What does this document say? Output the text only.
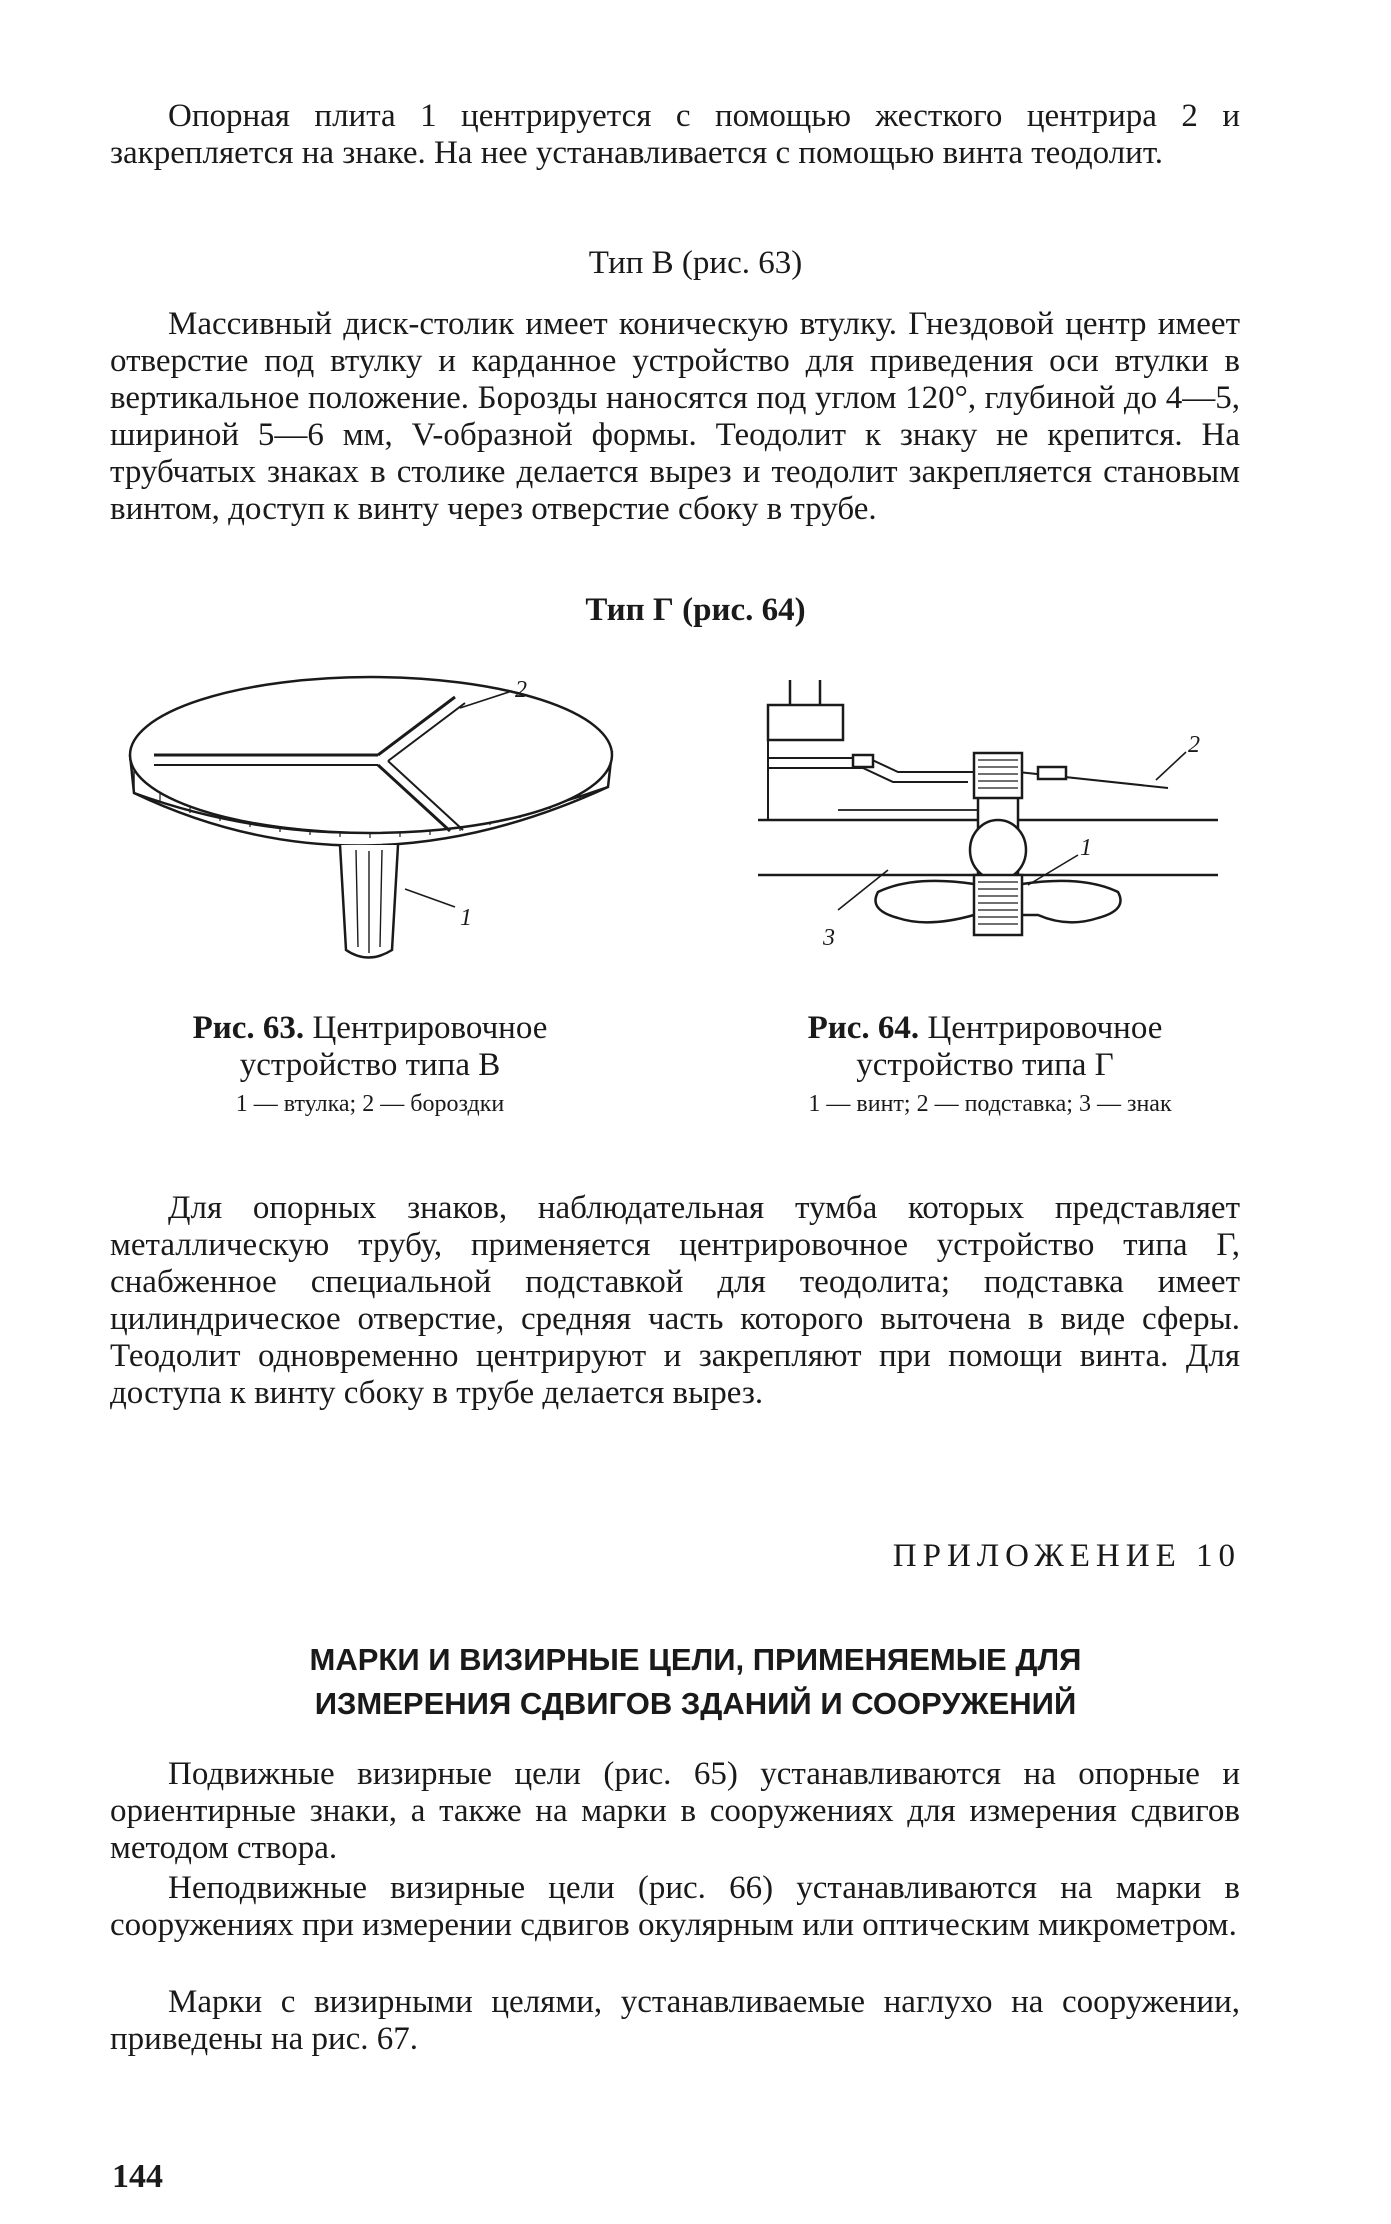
Опорная плита 1 центрируется с помощью жесткого центрира 2 и закрепляется на знаке. На нее устанавливается с помощью винта теодолит.

Тип В (рис. 63)

Массивный диск-столик имеет коническую втулку. Гнездовой центр имеет отверстие под втулку и карданное устройство для приведения оси втулки в вертикальное положение. Борозды наносятся под углом 120°, глубиной до 4—5, шириной 5—6 мм, V-образной формы. Теодолит к знаку не крепится. На трубчатых знаках в столике делается вырез и теодолит закрепляется становым винтом, доступ к винту через отверстие сбоку в трубе.

Тип Г (рис. 64)

1
2
1
2
3

Рис. 63. Центрировочное устройство типа В

1 — втулка; 2 — бороздки

Рис. 64. Центрировочное устройство типа Г

1 — винт; 2 — подставка; 3 — знак

Для опорных знаков, наблюдательная тумба которых представляет металлическую трубу, применяется центрировочное устройство типа Г, снабженное специальной подставкой для теодолита; подставка имеет цилиндрическое отверстие, средняя часть которого выточена в виде сферы. Теодолит одновременно центрируют и закрепляют при помощи винта. Для доступа к винту сбоку в трубе делается вырез.

ПРИЛОЖЕНИЕ 10

МАРКИ И ВИЗИРНЫЕ ЦЕЛИ, ПРИМЕНЯЕМЫЕ ДЛЯ

ИЗМЕРЕНИЯ СДВИГОВ ЗДАНИЙ И СООРУЖЕНИЙ

Подвижные визирные цели (рис. 65) устанавливаются на опорные и ориентирные знаки, а также на марки в сооружениях для измерения сдвигов методом створа.

Неподвижные визирные цели (рис. 66) устанавливаются на марки в сооружениях при измерении сдвигов окулярным или оптическим микрометром.

Марки с визирными целями, устанавливаемые наглухо на сооружении, приведены на рис. 67.

144
